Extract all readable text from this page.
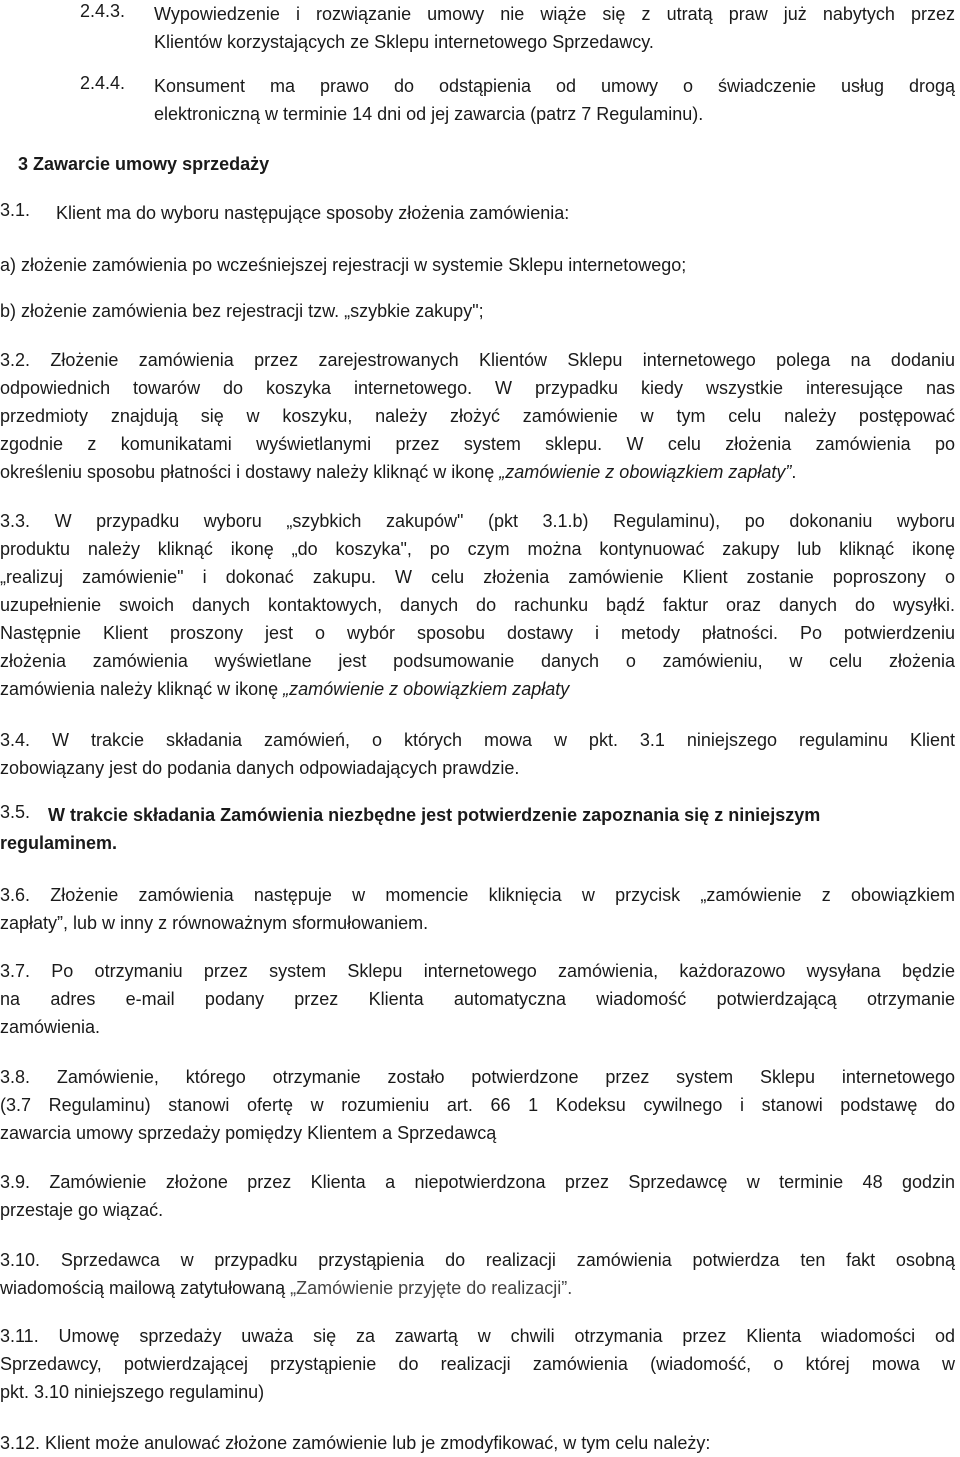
2.4.3. Wypowiedzenie i rozwiązanie umowy nie wiąże się z utratą praw już nabytych przez
Klientów korzystających ze Sklepu internetowego Sprzedawcy.
2.4.4. Konsument ma prawo do odstąpienia od umowy o świadczenie usług drogą
elektroniczną w terminie 14 dni od jej zawarcia (patrz 7 Regulaminu).
3 Zawarcie umowy sprzedaży
3.1. Klient ma do wyboru następujące sposoby złożenia zamówienia:
a) złożenie zamówienia po wcześniejszej rejestracji w systemie Sklepu internetowego;
b) złożenie zamówienia bez rejestracji tzw. „szybkie zakupy";
3.2. Złożenie zamówienia przez zarejestrowanych Klientów Sklepu internetowego polega na dodaniu
odpowiednich towarów do koszyka internetowego. W przypadku kiedy wszystkie interesujące nas
przedmioty znajdują się w koszyku, należy złożyć zamówienie w tym celu należy postępować
zgodnie z komunikatami wyświetlanymi przez system sklepu. W celu złożenia zamówienia po
określeniu sposobu płatności i dostawy należy kliknąć w ikonę „zamówienie z obowiązkiem zapłaty”.
3.3. W przypadku wyboru „szybkich zakupów" (pkt 3.1.b) Regulaminu), po dokonaniu wyboru
produktu należy kliknąć ikonę „do koszyka", po czym można kontynuować zakupy lub kliknąć ikonę
„realizuj zamówienie" i dokonać zakupu. W celu złożenia zamówienie Klient zostanie poproszony o
uzupełnienie swoich danych kontaktowych, danych do rachunku bądź faktur oraz danych do wysyłki.
Następnie Klient proszony jest o wybór sposobu dostawy i metody płatności. Po potwierdzeniu
złożenia zamówienia wyświetlane jest podsumowanie danych o zamówieniu, w celu złożenia
zamówienia należy kliknąć w ikonę „zamówienie z obowiązkiem zapłaty
3.4. W trakcie składania zamówień, o których mowa w pkt. 3.1 niniejszego regulaminu Klient
zobowiązany jest do podania danych odpowiadających prawdzie.
3.5. W trakcie składania Zamówienia niezbędne jest potwierdzenie zapoznania się z niniejszym
regulaminem.
3.6. Złożenie zamówienia następuje w momencie kliknięcia w przycisk „zamówienie z obowiązkiem
zapłaty”, lub w inny z równoważnym sformułowaniem.
3.7. Po otrzymaniu przez system Sklepu internetowego zamówienia, każdorazowo wysyłana będzie
na adres e-mail podany przez Klienta automatyczna wiadomość potwierdzającą otrzymanie
zamówienia.
3.8. Zamówienie, którego otrzymanie zostało potwierdzone przez system Sklepu internetowego
(3.7 Regulaminu) stanowi ofertę w rozumieniu art. 66 1 Kodeksu cywilnego i stanowi podstawę do
zawarcia umowy sprzedaży pomiędzy Klientem a Sprzedawcą
3.9. Zamówienie złożone przez Klienta a niepotwierdzona przez Sprzedawcę w terminie 48 godzin
przestaje go wiązać.
3.10. Sprzedawca w przypadku przystąpienia do realizacji zamówienia potwierdza ten fakt osobną
wiadomością mailową zatytułowaną „Zamówienie przyjęte do realizacji”.
3.11. Umowę sprzedaży uważa się za zawartą w chwili otrzymania przez Klienta wiadomości od
Sprzedawcy, potwierdzającej przystąpienie do realizacji zamówienia (wiadomość, o której mowa w
pkt. 3.10 niniejszego regulaminu)
3.12. Klient może anulować złożone zamówienie lub je zmodyfikować, w tym celu należy:
